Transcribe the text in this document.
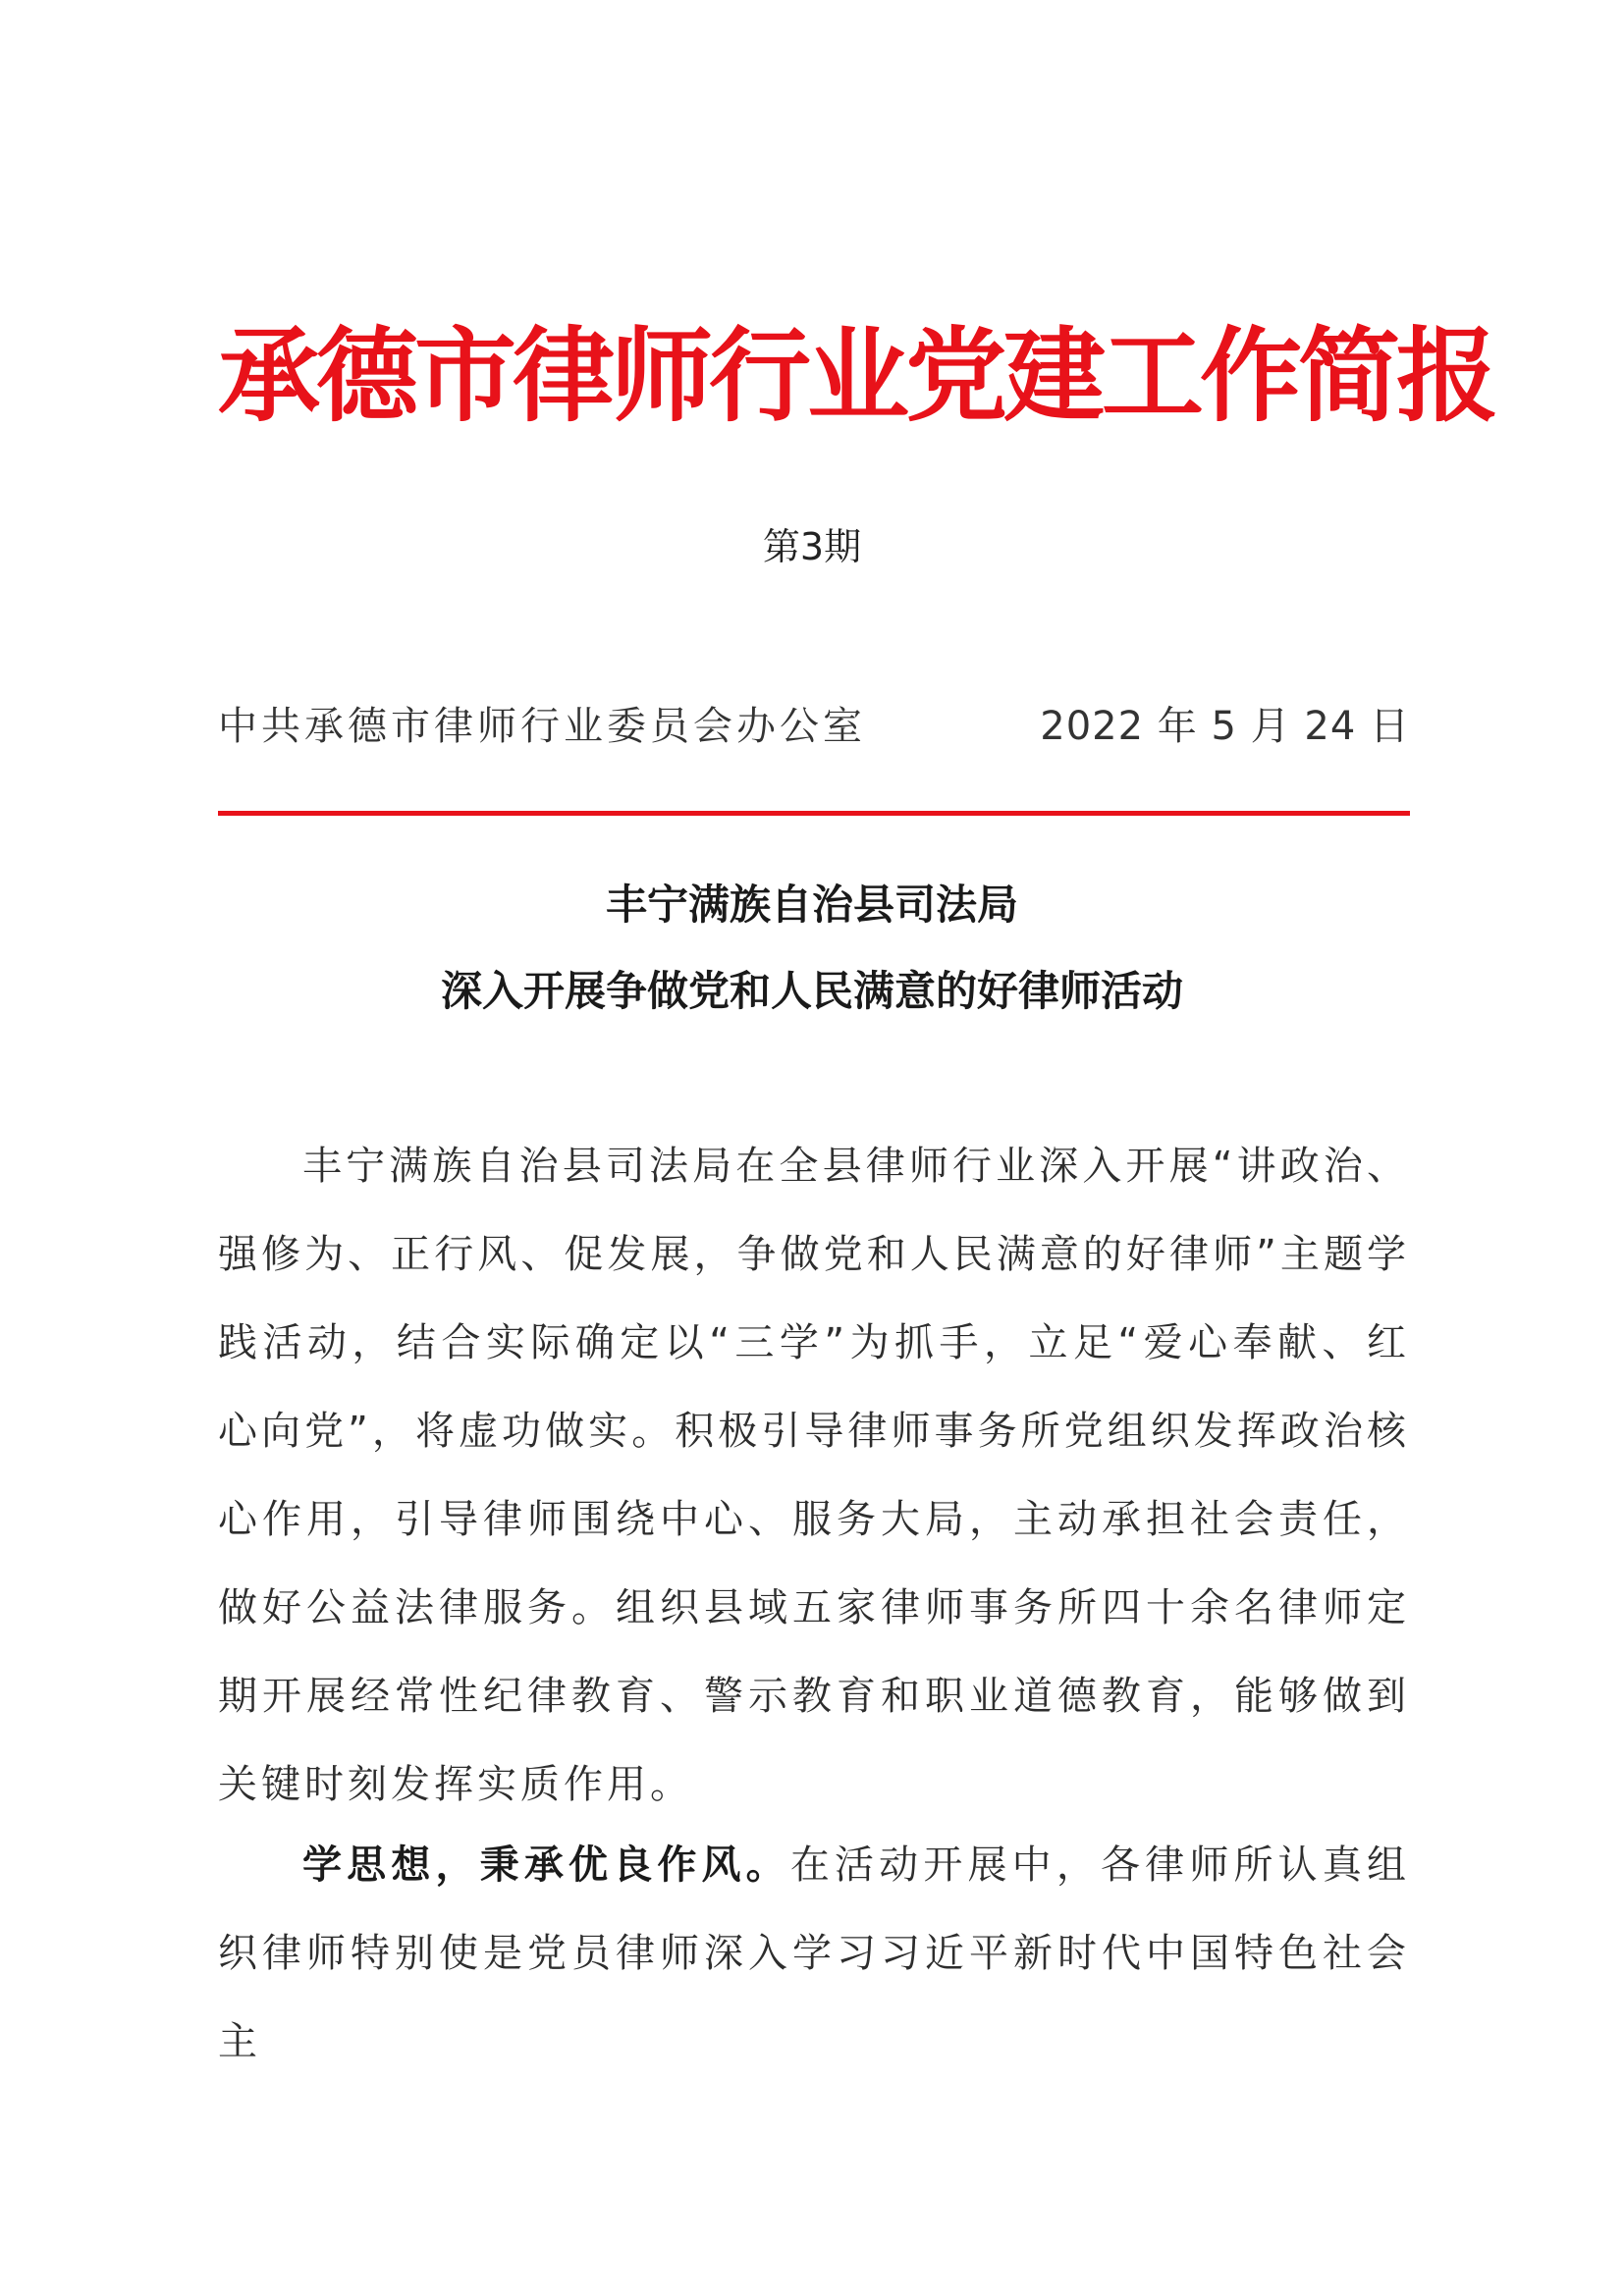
承德市律师行业党建工作简报
第3期
中共承德市律师行业委员会办公室	2022 年 5 月 24 日
丰宁满族自治县司法局
深入开展争做党和人民满意的好律师活动

丰宁满族自治县司法局在全县律师行业深入开展“讲政治、强修为、正行风、促发展，争做党和人民满意的好律师”主题学践活动，结合实际确定以“三学”为抓手，立足“爱心奉献、红心向党”，将虚功做实。积极引导律师事务所党组织发挥政治核心作用，引导律师围绕中心、服务大局，主动承担社会责任，做好公益法律服务。组织县域五家律师事务所四十余名律师定期开展经常性纪律教育、警示教育和职业道德教育，能够做到关键时刻发挥实质作用。

学思想，秉承优良作风。在活动开展中，各律师所认真组织律师特别使是党员律师深入学习习近平新时代中国特色社会主
